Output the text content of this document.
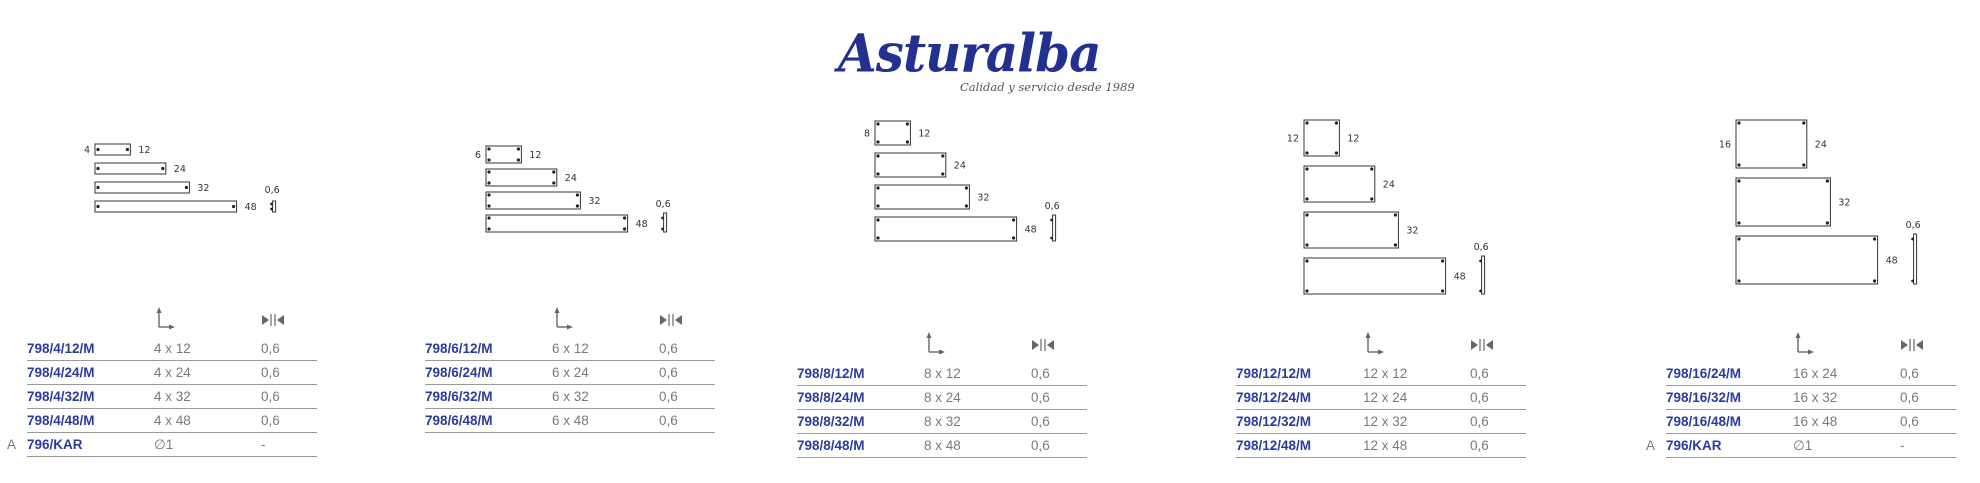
Asturalba
Calidad y servicio desde 1989
12
4
24
32
48
0,6
12
6
24
32
48
0,6
12
8
24
32
48
0,6
12
12
24
32
48
0,6
24
16
32
48
0,6
798/4/12/M	4 x 12	0,6
798/4/24/M	4 x 24	0,6
798/4/32/M	4 x 32	0,6
798/4/48/M	4 x 48	0,6
A 796/KAR	∅1	-
798/6/12/M	6 x 12	0,6
798/6/24/M	6 x 24	0,6
798/6/32/M	6 x 32	0,6
798/6/48/M	6 x 48	0,6
798/8/12/M	8 x 12	0,6
798/8/24/M	8 x 24	0,6
798/8/32/M	8 x 32	0,6
798/8/48/M	8 x 48	0,6
798/12/12/M	12 x 12	0,6
798/12/24/M	12 x 24	0,6
798/12/32/M	12 x 32	0,6
798/12/48/M	12 x 48	0,6
798/16/24/M	16 x 24	0,6
798/16/32/M	16 x 32	0,6
798/16/48/M	16 x 48	0,6
A 796/KAR	∅1	-
